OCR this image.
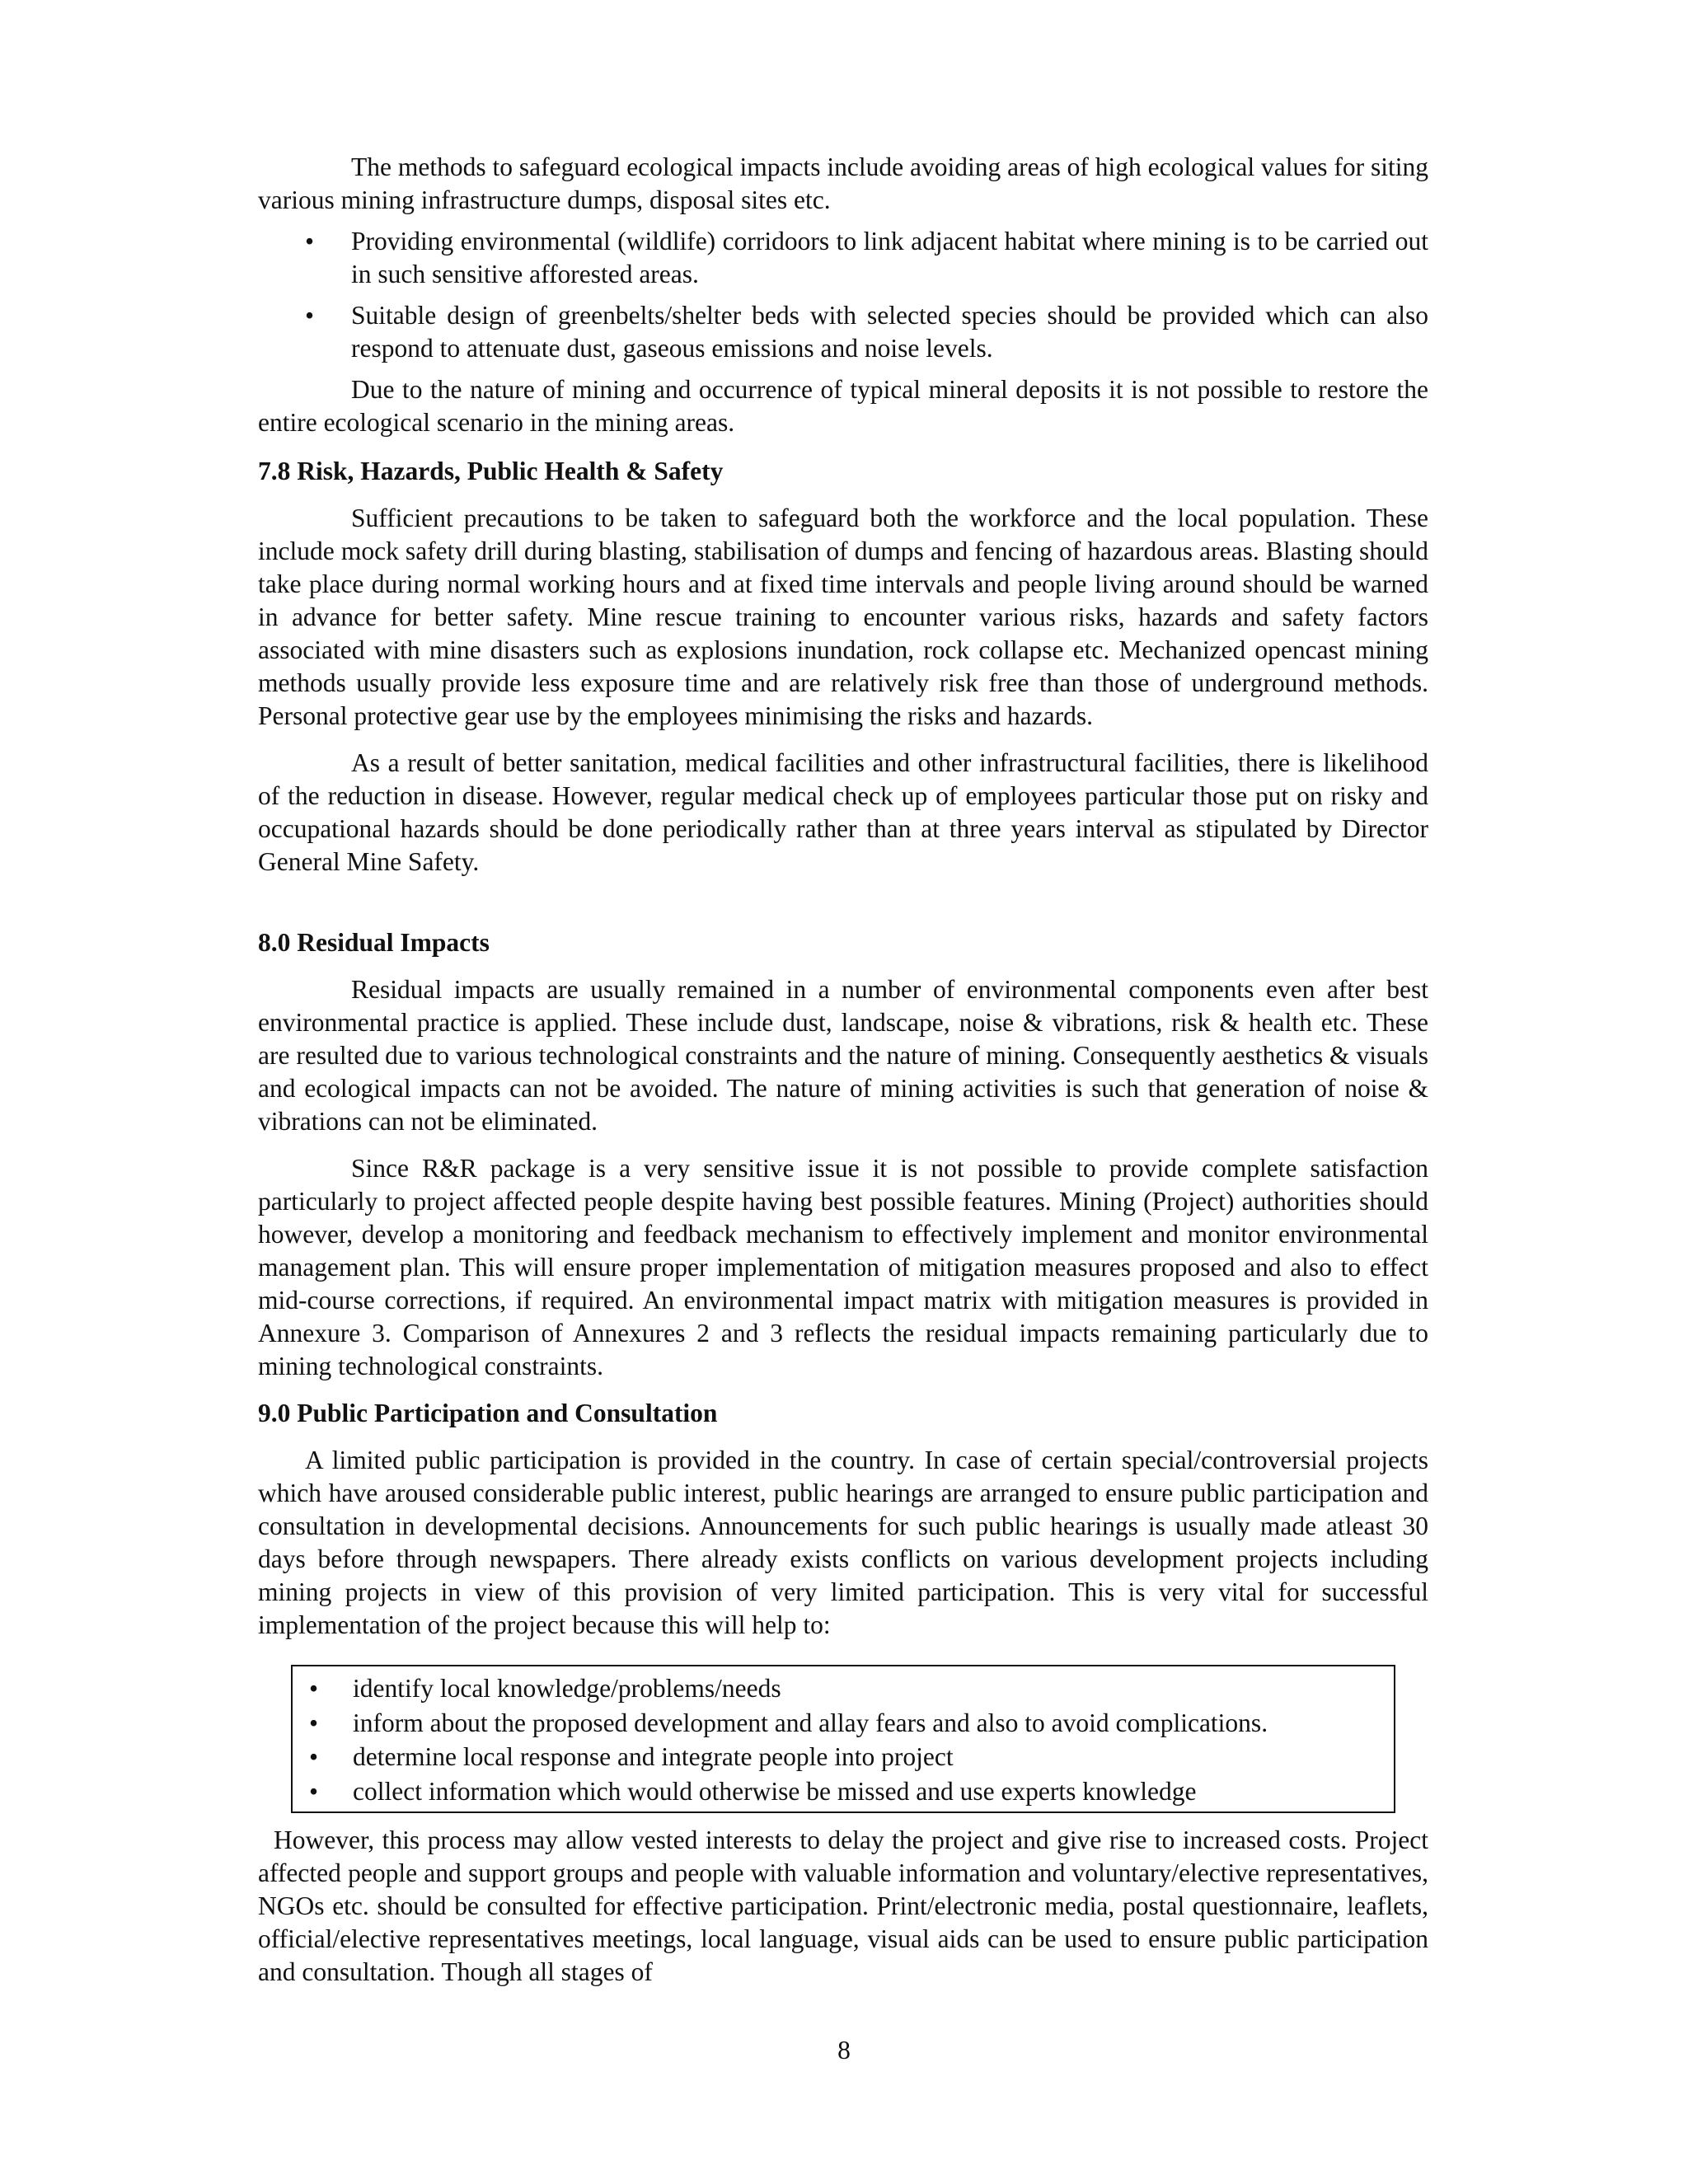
The methods to safeguard ecological impacts include avoiding areas of high ecological values for siting various mining infrastructure dumps, disposal sites etc.

• Providing environmental (wildlife) corridoors to link adjacent habitat where mining is to be carried out in such sensitive afforested areas.
• Suitable design of greenbelts/shelter beds with selected species should be provided which can also respond to attenuate dust, gaseous emissions and noise levels.

Due to the nature of mining and occurrence of typical mineral deposits it is not possible to restore the entire ecological scenario in the mining areas.

7.8 Risk, Hazards, Public Health & Safety

Sufficient precautions to be taken to safeguard both the workforce and the local population. These include mock safety drill during blasting, stabilisation of dumps and fencing of hazardous areas. Blasting should take place during normal working hours and at fixed time intervals and people living around should be warned in advance for better safety. Mine rescue training to encounter various risks, hazards and safety factors associated with mine disasters such as explosions inundation, rock collapse etc. Mechanized opencast mining methods usually provide less exposure time and are relatively risk free than those of underground methods. Personal protective gear use by the employees minimising the risks and hazards.

As a result of better sanitation, medical facilities and other infrastructural facilities, there is likelihood of the reduction in disease. However, regular medical check up of employees particular those put on risky and occupational hazards should be done periodically rather than at three years interval as stipulated by Director General Mine Safety.

8.0 Residual Impacts

Residual impacts are usually remained in a number of environmental components even after best environmental practice is applied. These include dust, landscape, noise & vibrations, risk & health etc. These are resulted due to various technological constraints and the nature of mining. Consequently aesthetics & visuals and ecological impacts can not be avoided. The nature of mining activities is such that generation of noise & vibrations can not be eliminated.

Since R&R package is a very sensitive issue it is not possible to provide complete satisfaction particularly to project affected people despite having best possible features. Mining (Project) authorities should however, develop a monitoring and feedback mechanism to effectively implement and monitor environmental management plan. This will ensure proper implementation of mitigation measures proposed and also to effect mid-course corrections, if required. An environmental impact matrix with mitigation measures is provided in Annexure 3. Comparison of Annexures 2 and 3 reflects the residual impacts remaining particularly due to mining technological constraints.

9.0 Public Participation and Consultation

A limited public participation is provided in the country. In case of certain special/controversial projects which have aroused considerable public interest, public hearings are arranged to ensure public participation and consultation in developmental decisions. Announcements for such public hearings is usually made atleast 30 days before through newspapers. There already exists conflicts on various development projects including mining projects in view of this provision of very limited participation. This is very vital for successful implementation of the project because this will help to:

• identify local knowledge/problems/needs
• inform about the proposed development and allay fears and also to avoid complications.
• determine local response and integrate people into project
• collect information which would otherwise be missed and use experts knowledge

However, this process may allow vested interests to delay the project and give rise to increased costs. Project affected people and support groups and people with valuable information and voluntary/elective representatives, NGOs etc. should be consulted for effective participation. Print/electronic media, postal questionnaire, leaflets, official/elective representatives meetings, local language, visual aids can be used to ensure public participation and consultation. Though all stages of

8
